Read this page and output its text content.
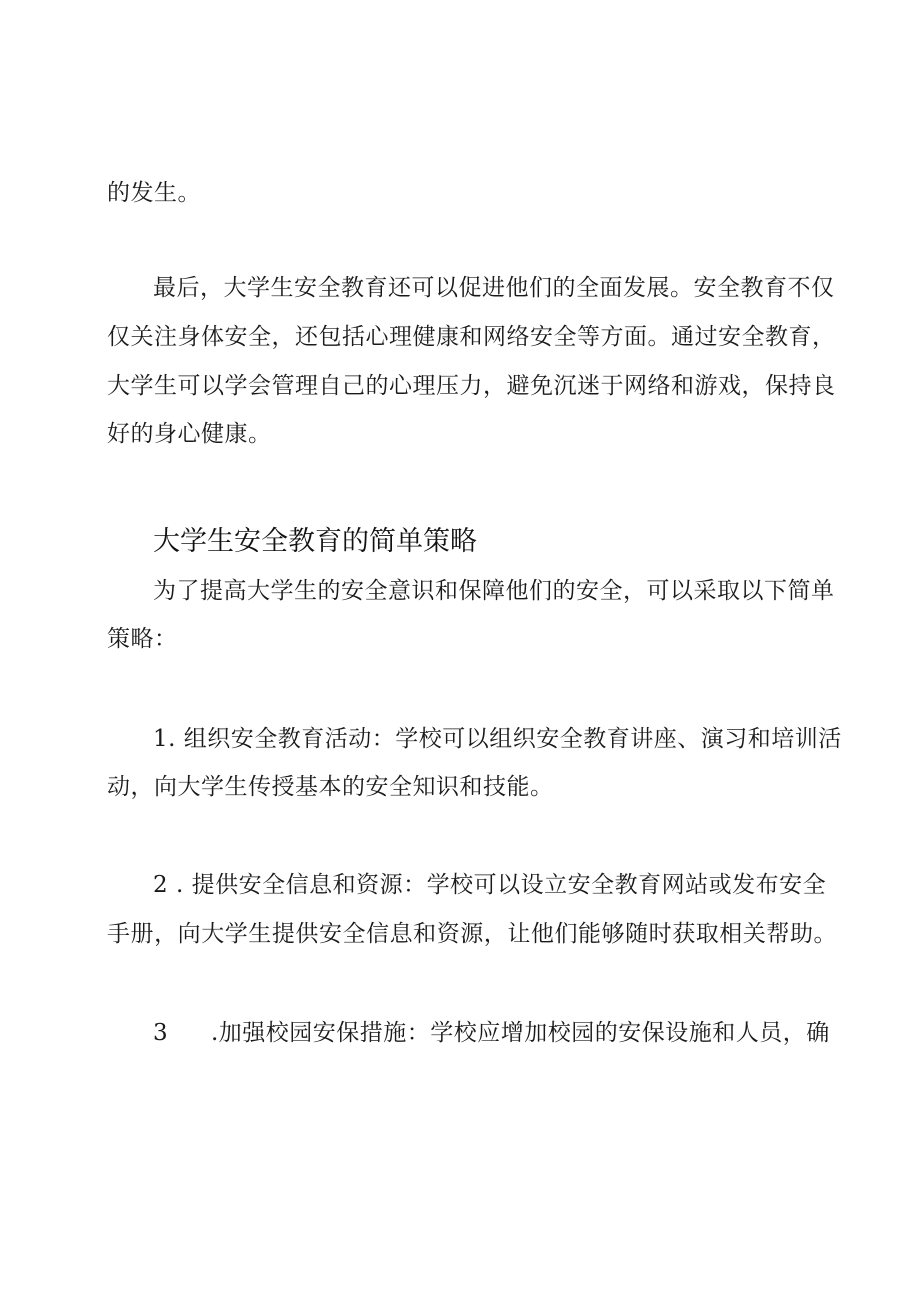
的发生。
最后，大学生安全教育还可以促进他们的全面发展。安全教育不仅
仅关注身体安全，还包括心理健康和网络安全等方面。通过安全教育，
大学生可以学会管理自己的心理压力，避免沉迷于网络和游戏，保持良
好的身心健康。
大学生安全教育的简单策略
为了提高大学生的安全意识和保障他们的安全，可以采取以下简单
策略：
1. 组织安全教育活动：学校可以组织安全教育讲座、演习和培训活
动，向大学生传授基本的安全知识和技能。
2 . 提供安全信息和资源：学校可以设立安全教育网站或发布安全
手册，向大学生提供安全信息和资源，让他们能够随时获取相关帮助。
3 .加强校园安保措施：学校应增加校园的安保设施和人员，确
